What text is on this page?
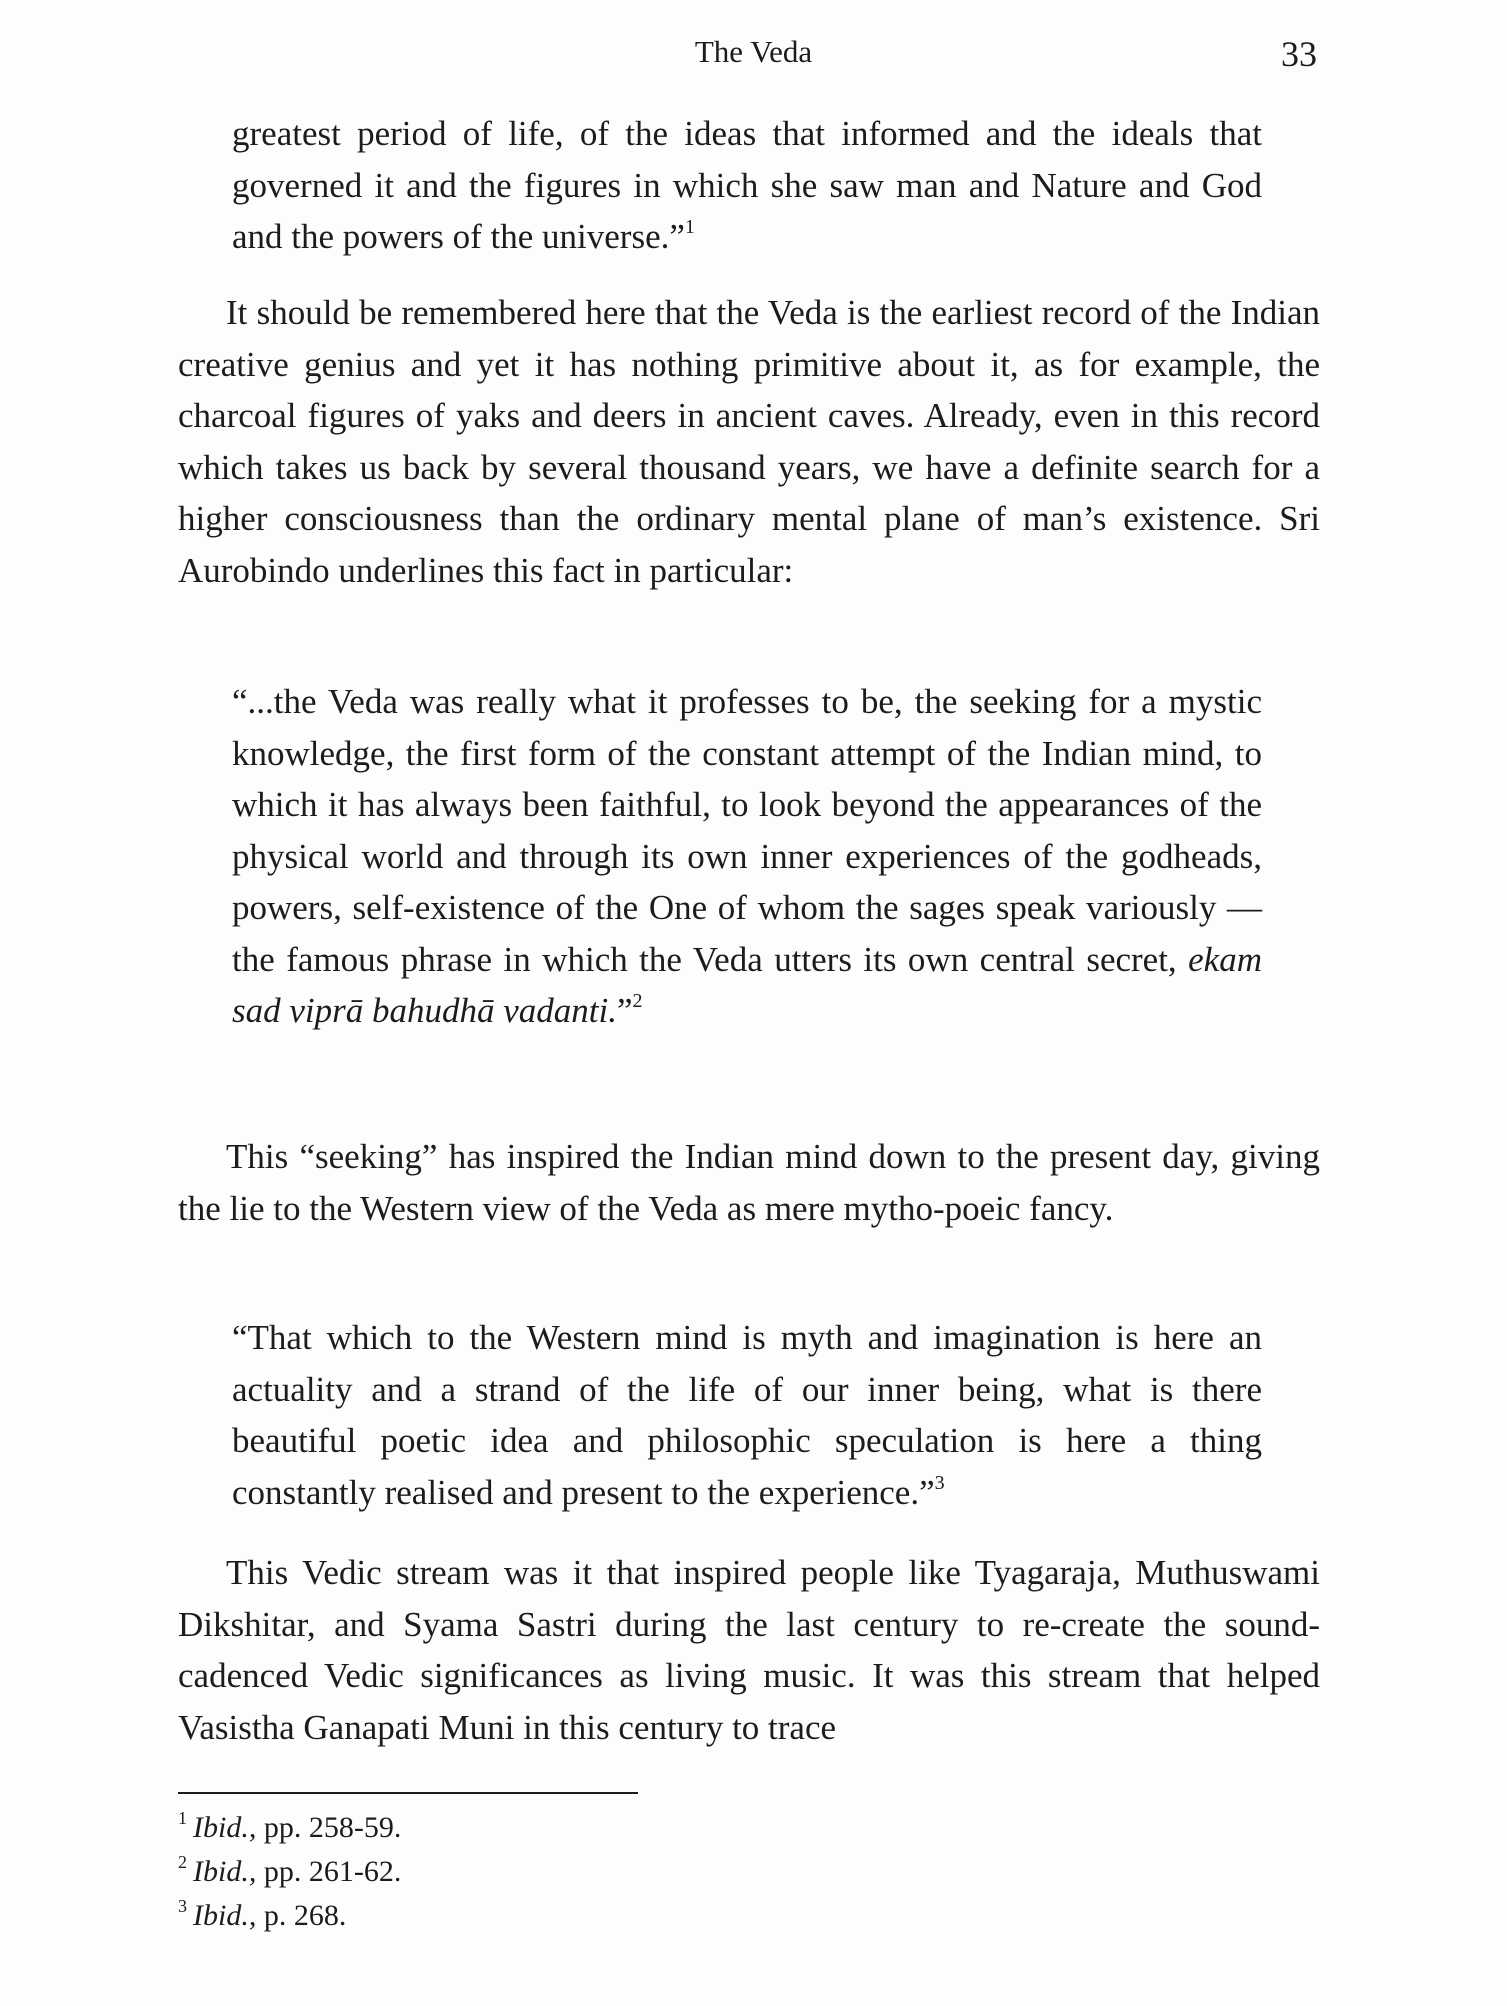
The Veda	33

greatest period of life, of the ideas that informed and the ideals that governed it and the figures in which she saw man and Nature and God and the powers of the universe.”$^1$

It should be remembered here that the Veda is the earliest record of the Indian creative genius and yet it has nothing primitive about it, as for example, the charcoal figures of yaks and deers in ancient caves. Already, even in this record which takes us back by several thousand years, we have a definite search for a higher consciousness than the ordinary mental plane of man’s existence. Sri Aurobindo underlines this fact in particular:

“...the Veda was really what it professes to be, the seeking for a mystic knowledge, the first form of the constant attempt of the Indian mind, to which it has always been faithful, to look beyond the appearances of the physical world and through its own inner experiences of the godheads, powers, self-existence of the One of whom the sages speak variously — the famous phrase in which the Veda utters its own central secret, ekam sad viprā bahudhā vadanti.”$^2$

This “seeking” has inspired the Indian mind down to the present day, giving the lie to the Western view of the Veda as mere mytho-poeic fancy.

“That which to the Western mind is myth and imagination is here an actuality and a strand of the life of our inner being, what is there beautiful poetic idea and philosophic speculation is here a thing constantly realised and present to the experience.”$^3$

This Vedic stream was it that inspired people like Tyagaraja, Muthuswami Dikshitar, and Syama Sastri during the last century to re-create the sound-cadenced Vedic significances as living music. It was this stream that helped Vasistha Ganapati Muni in this century to trace

$^1$ Ibid., pp. 258-59.
$^2$ Ibid., pp. 261-62.
$^3$ Ibid., p. 268.
